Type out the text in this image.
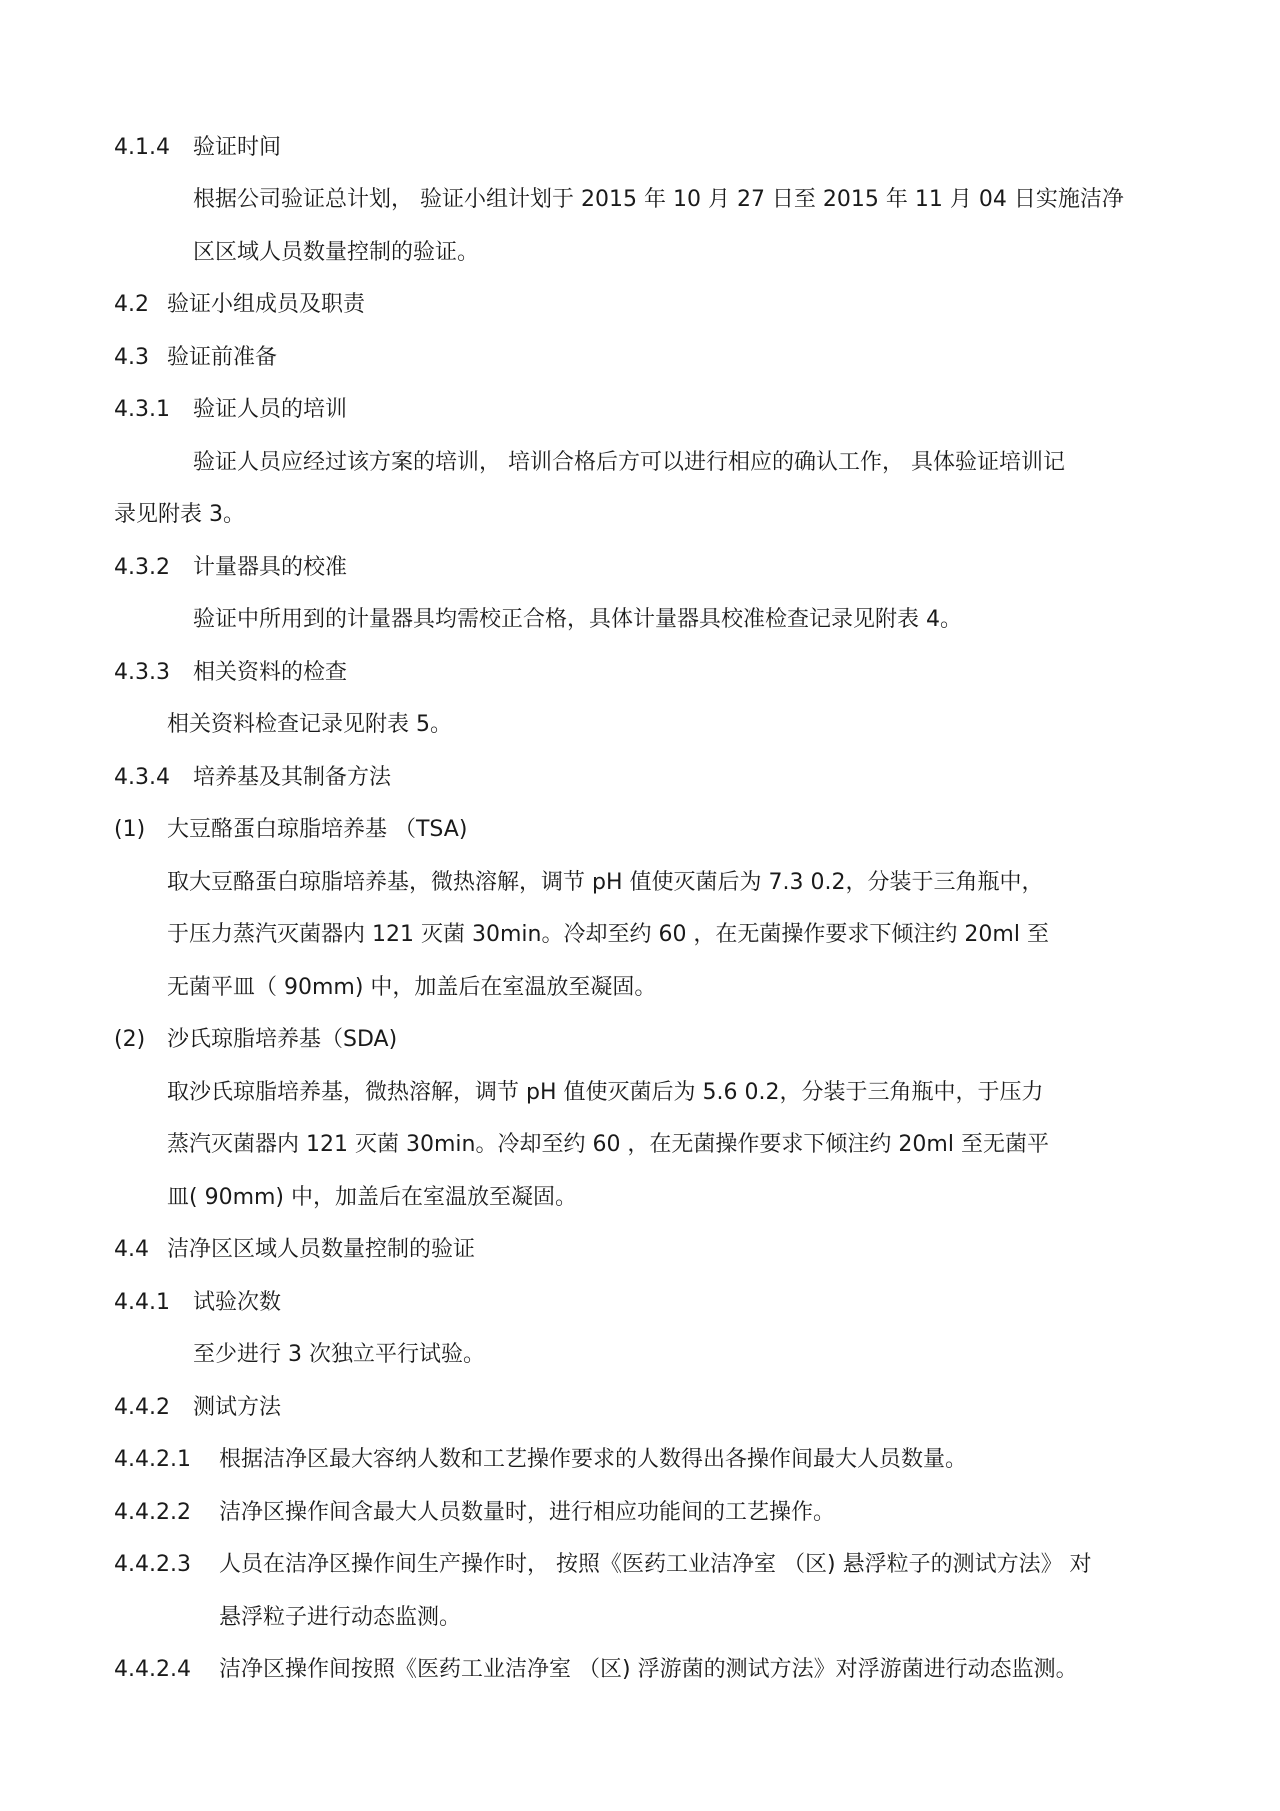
4.1.4 验证时间
根据公司验证总计划， 验证小组计划于 2015 年 10 月 27 日至 2015 年 11 月 04 日实施洁净
区区域人员数量控制的验证。
4.2 验证小组成员及职责
4.3 验证前准备
4.3.1 验证人员的培训
验证人员应经过该方案的培训， 培训合格后方可以进行相应的确认工作， 具体验证培训记
录见附表 3。
4.3.2 计量器具的校准
验证中所用到的计量器具均需校正合格，具体计量器具校准检查记录见附表 4。
4.3.3 相关资料的检查
相关资料检查记录见附表 5。
4.3.4 培养基及其制备方法
(1) 大豆酪蛋白琼脂培养基 （TSA)
取大豆酪蛋白琼脂培养基，微热溶解，调节 pH 值使灭菌后为 7.3 0.2，分装于三角瓶中，
于压力蒸汽灭菌器内 121 灭菌 30min。冷却至约 60 ，在无菌操作要求下倾注约 20ml 至
无菌平皿（ 90mm) 中，加盖后在室温放至凝固。
(2) 沙氏琼脂培养基（SDA)
取沙氏琼脂培养基，微热溶解，调节 pH 值使灭菌后为 5.6 0.2，分装于三角瓶中，于压力
蒸汽灭菌器内 121 灭菌 30min。冷却至约 60 ，在无菌操作要求下倾注约 20ml 至无菌平
皿( 90mm) 中，加盖后在室温放至凝固。
4.4 洁净区区域人员数量控制的验证
4.4.1 试验次数
至少进行 3 次独立平行试验。
4.4.2 测试方法
4.4.2.1 根据洁净区最大容纳人数和工艺操作要求的人数得出各操作间最大人员数量。
4.4.2.2 洁净区操作间含最大人员数量时，进行相应功能间的工艺操作。
4.4.2.3 人员在洁净区操作间生产操作时， 按照《医药工业洁净室 （区) 悬浮粒子的测试方法》 对
悬浮粒子进行动态监测。
4.4.2.4 洁净区操作间按照《医药工业洁净室 （区) 浮游菌的测试方法》对浮游菌进行动态监测。
